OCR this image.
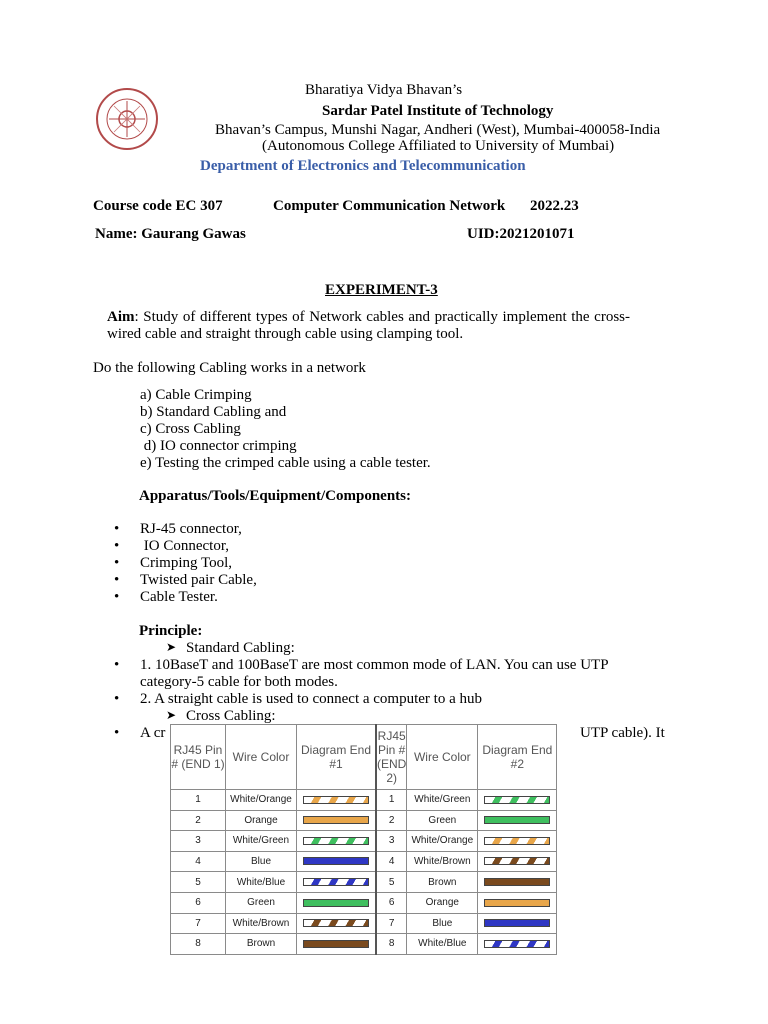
Bharatiya Vidya Bhavan’s
Sardar Patel Institute of Technology
Bhavan’s Campus, Munshi Nagar, Andheri (West), Mumbai-400058-India
(Autonomous College Affiliated to University of Mumbai)
Department of Electronics and Telecommunication
Course code EC 307	Computer Communication Network 2022.23
Name: Gaurang Gawas	UID:2021201071
EXPERIMENT-3
Aim: Study of different types of Network cables and practically implement the cross-wired cable and straight through cable using clamping tool.
Do the following Cabling works in a network
a) Cable Crimping
b) Standard Cabling and
c) Cross Cabling
d) IO connector crimping
e) Testing the crimped cable using a cable tester.
Apparatus/Tools/Equipment/Components:
• RJ-45 connector,
• IO Connector,
• Crimping Tool,
• Twisted pair Cable,
• Cable Tester.
Principle:
➤ Standard Cabling:
• 1. 10BaseT and 100BaseT are most common mode of LAN. You can use UTP
category-5 cable for both modes.
• 2. A straight cable is used to connect a computer to a hub
➤ Cross Cabling:
• A cr	UTP cable). It
RJ45 Pin # (END 1)	Wire Color	Diagram End #1	RJ45 Pin # (END 2)	Wire Color	Diagram End #2
1	White/Orange		1	White/Green	
2	Orange		2	Green	
3	White/Green		3	White/Orange	
4	Blue		4	White/Brown	
5	White/Blue		5	Brown	
6	Green		6	Orange	
7	White/Brown		7	Blue	
8	Brown		8	White/Blue	
